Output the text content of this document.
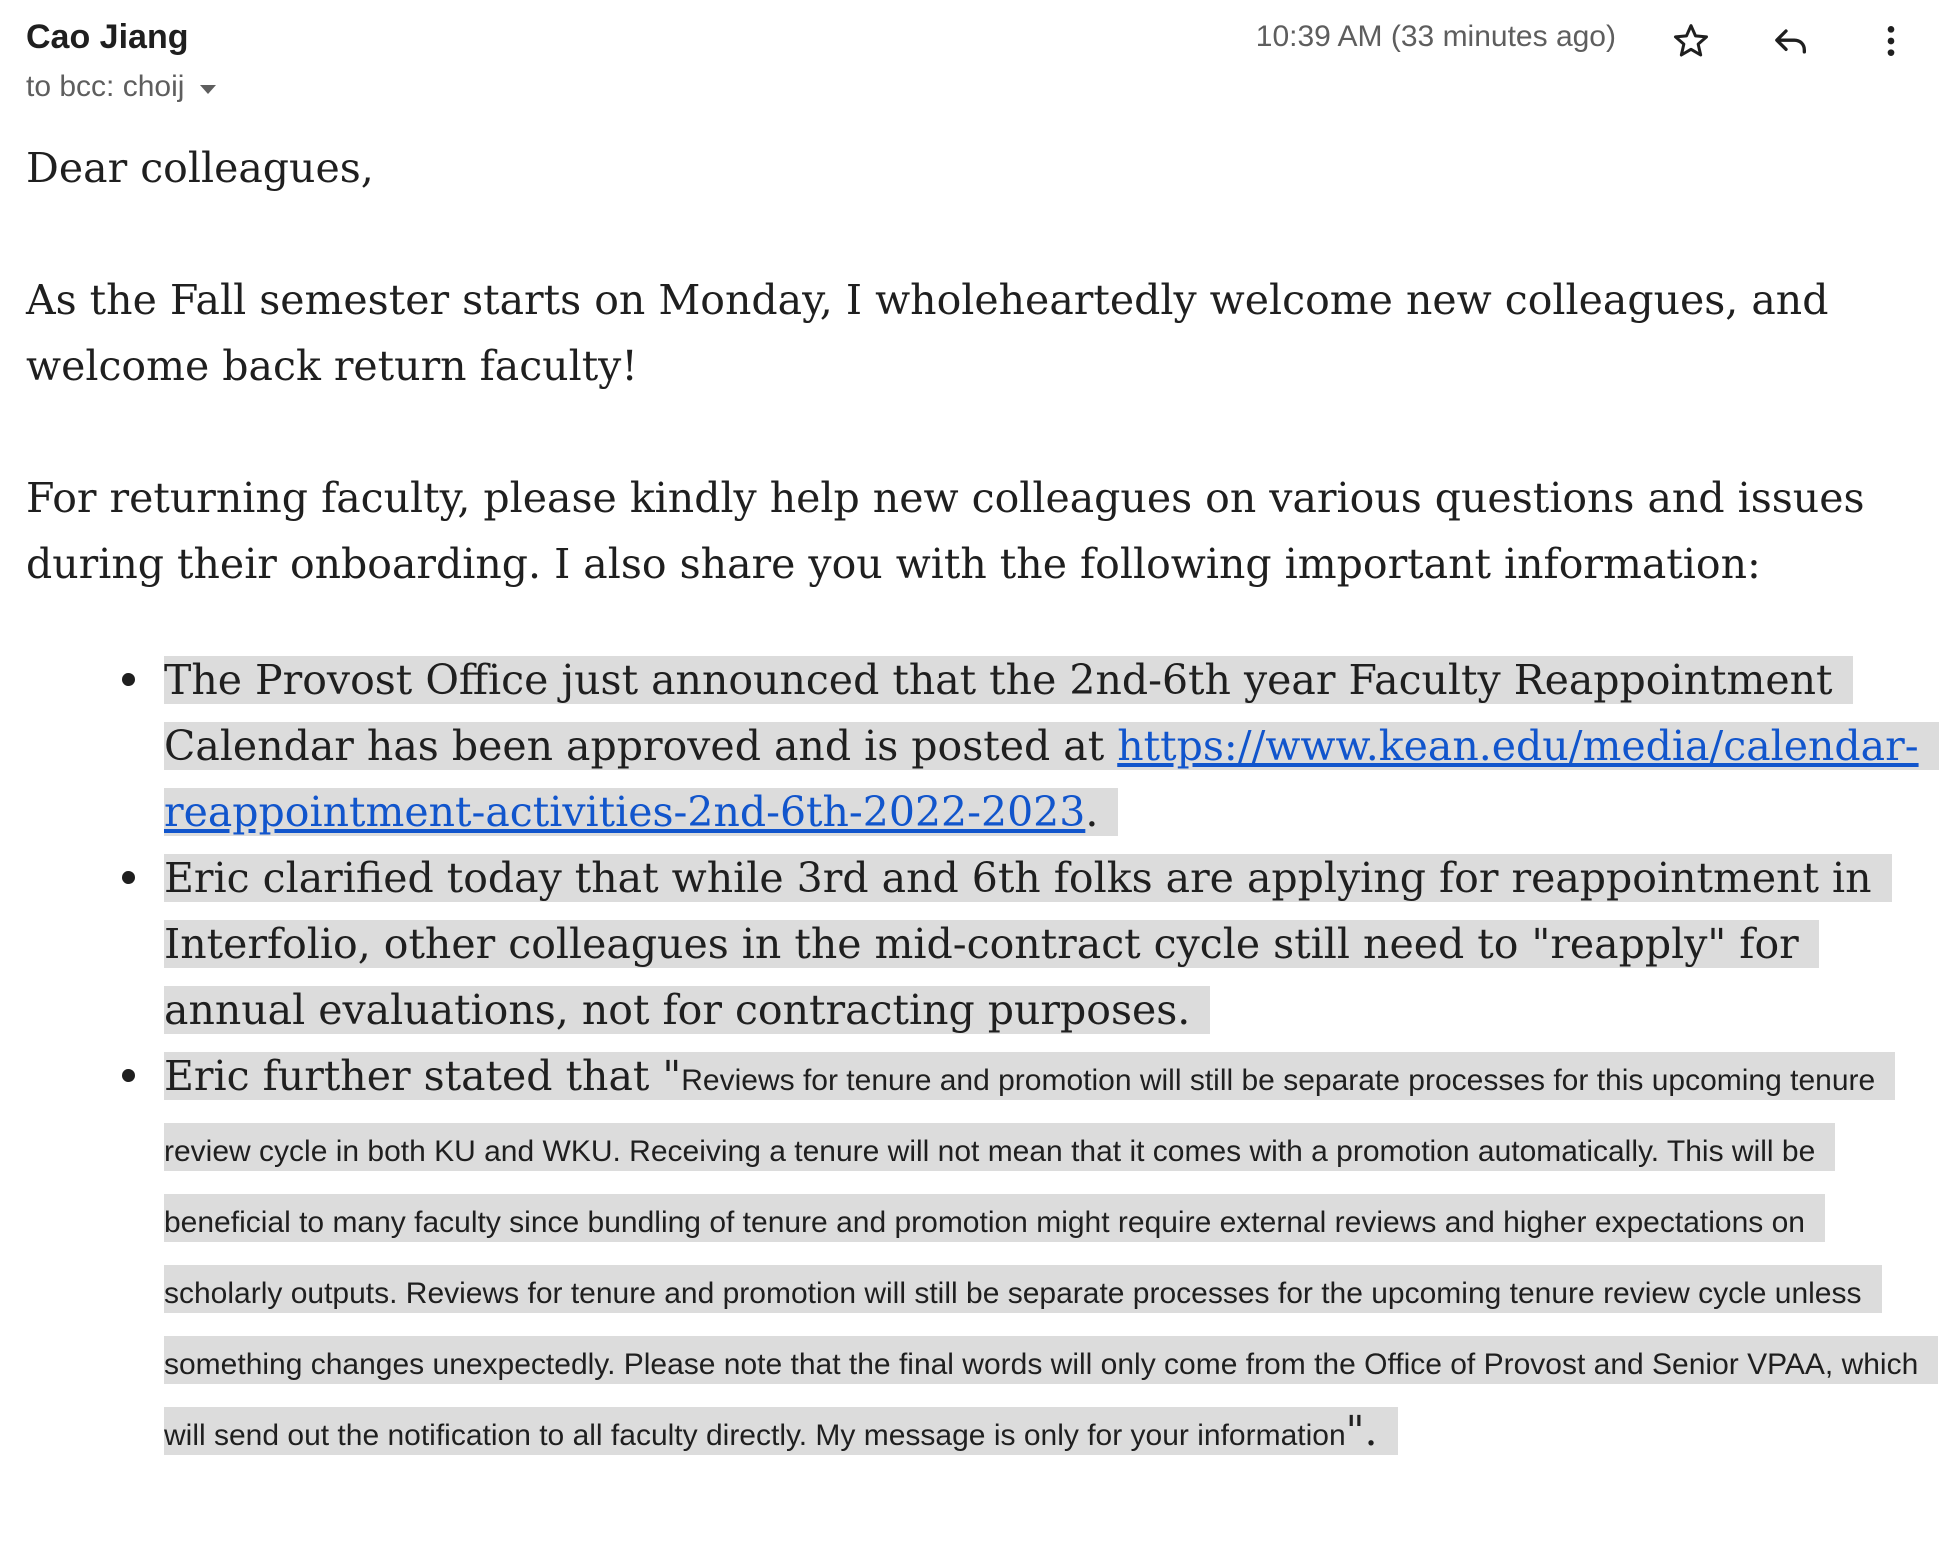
Cao Jiang
to bcc: choij
10:39 AM (33 minutes ago)

Dear colleagues,

As the Fall semester starts on Monday, I wholeheartedly welcome new colleagues, and welcome back return faculty!

For returning faculty, please kindly help new colleagues on various questions and issues during their onboarding. I also share you with the following important information:

The Provost Office just announced that the 2nd-6th year Faculty Reappointment Calendar has been approved and is posted at https://www.kean.edu/media/calendar-reappointment-activities-2nd-6th-2022-2023.
Eric clarified today that while 3rd and 6th folks are applying for reappointment in Interfolio, other colleagues in the mid-contract cycle still need to "reapply" for annual evaluations, not for contracting purposes.
Eric further stated that "Reviews for tenure and promotion will still be separate processes for this upcoming tenure review cycle in both KU and WKU. Receiving a tenure will not mean that it comes with a promotion automatically. This will be beneficial to many faculty since bundling of tenure and promotion might require external reviews and higher expectations on scholarly outputs. Reviews for tenure and promotion will still be separate processes for the upcoming tenure review cycle unless something changes unexpectedly. Please note that the final words will only come from the Office of Provost and Senior VPAA, which will send out the notification to all faculty directly. My message is only for your information".
